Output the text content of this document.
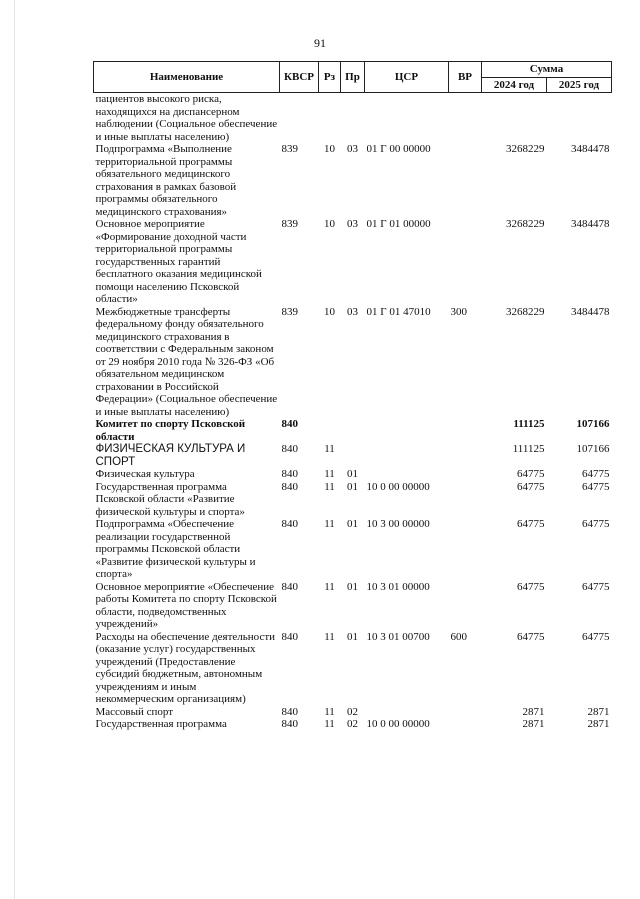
91
Наименование	КВСР	Рз	Пр	ЦСР	ВР	Сумма	
						2024 год	2025 год
пациентов высокого риска, находящихся на диспансерном наблюдении (Социальное обеспечение и иные выплаты населению)							
Подпрограмма «Выполнение территориальной программы обязательного медицинского страхования в рамках базовой программы обязательного медицинского страхования»	839	10	03	01 Г 00 00000		3268229	3484478
Основное мероприятие «Формирование доходной части территориальной программы государственных гарантий бесплатного оказания медицинской помощи населению Псковской области»	839	10	03	01 Г 01 00000		3268229	3484478
Межбюджетные трансферты федеральному фонду обязательного медицинского страхования в соответствии с Федеральным законом от 29 ноября 2010 года № 326-ФЗ «Об обязательном медицинском страховании в Российской Федерации» (Социальное обеспечение и иные выплаты населению)	839	10	03	01 Г 01 47010	300	3268229	3484478
Комитет по спорту Псковской области	840					111125	107166
ФИЗИЧЕСКАЯ КУЛЬТУРА И СПОРТ	840	11				111125	107166
Физическая культура	840	11	01			64775	64775
Государственная программа Псковской области «Развитие физической культуры и спорта»	840	11	01	10 0 00 00000		64775	64775
Подпрограмма «Обеспечение реализации государственной программы Псковской области «Развитие физической культуры и спорта»	840	11	01	10 3 00 00000		64775	64775
Основное мероприятие «Обеспечение работы Комитета по спорту Псковской области, подведомственных учреждений»	840	11	01	10 3 01 00000		64775	64775
Расходы на обеспечение деятельности (оказание услуг) государственных учреждений (Предоставление субсидий бюджетным, автономным учреждениям и иным некоммерческим организациям)	840	11	01	10 3 01 00700	600	64775	64775
Массовый спорт	840	11	02			2871	2871
Государственная программа	840	11	02	10 0 00 00000		2871	2871
